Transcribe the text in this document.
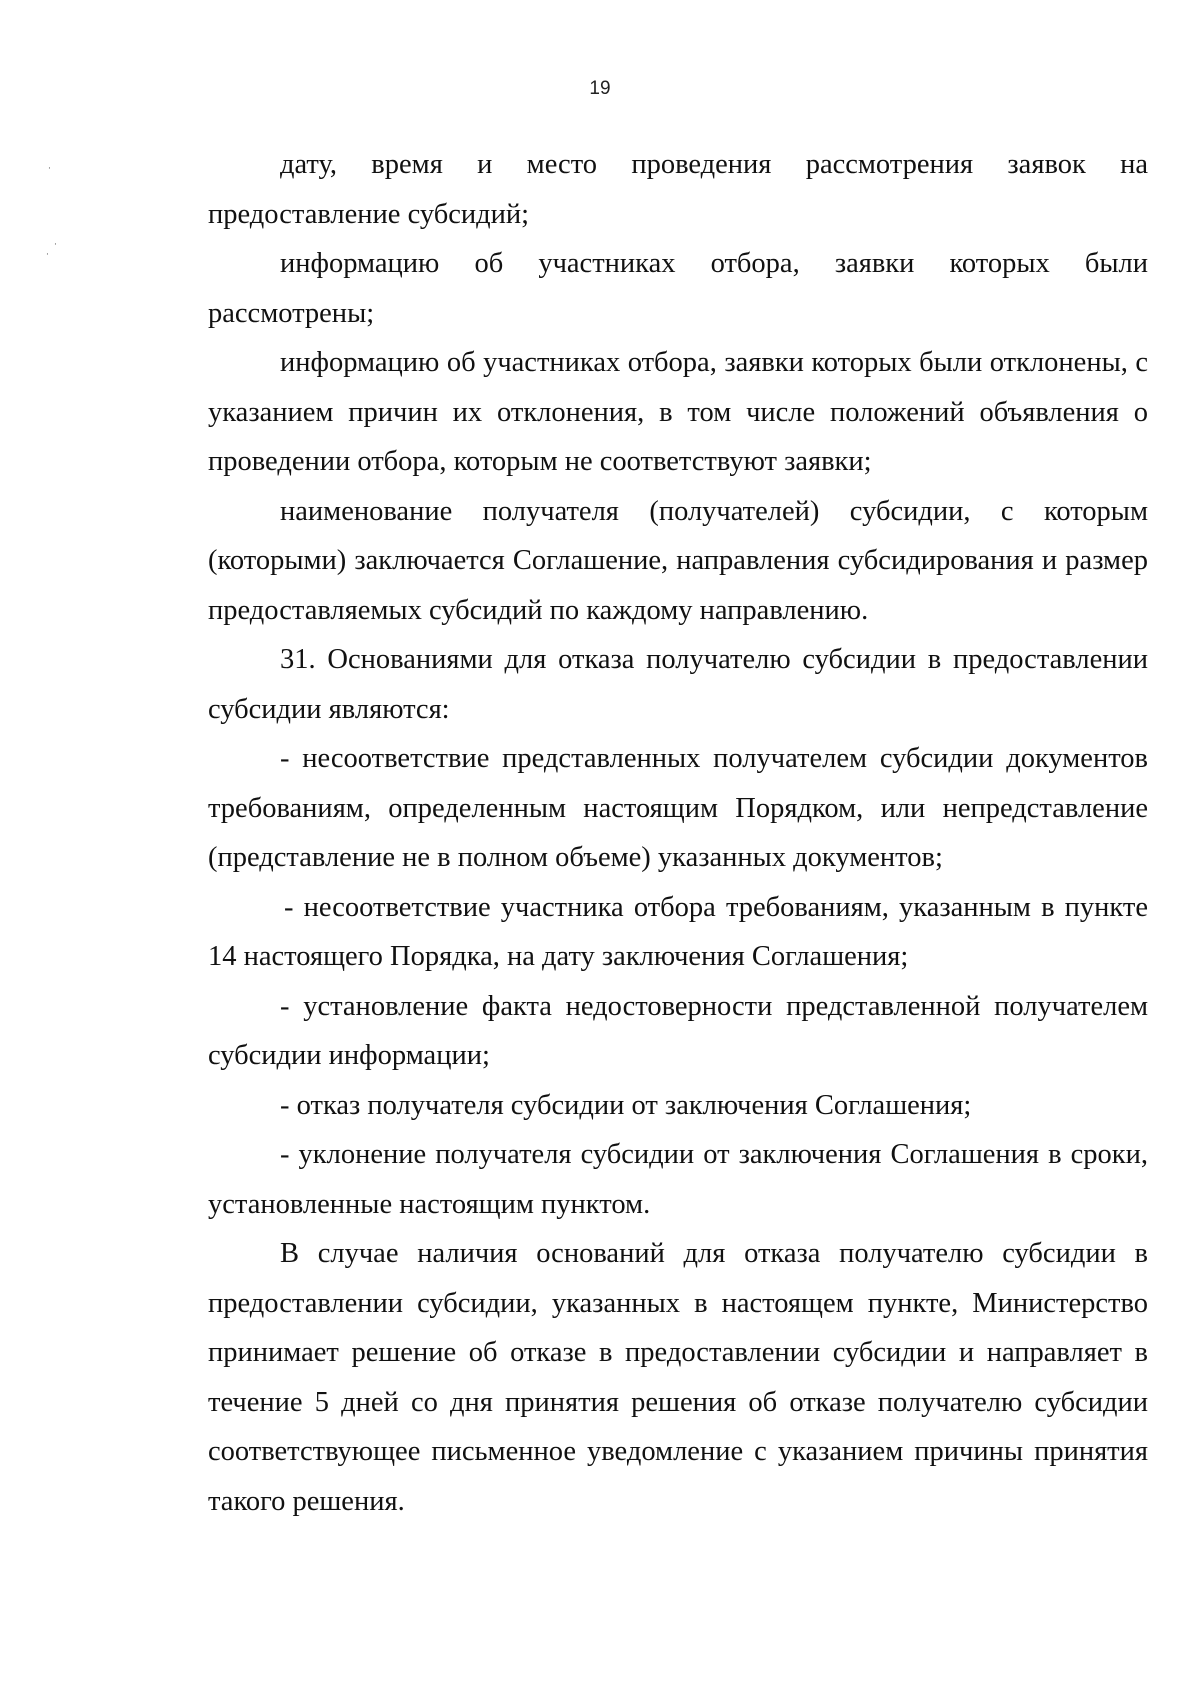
19
·
·
·

дату, время и место проведения рассмотрения заявок на предоставление субсидий;

информацию об участниках отбора, заявки которых были рассмотрены;

информацию об участниках отбора, заявки которых были отклонены, с указанием причин их отклонения, в том числе положений объявления о проведении отбора, которым не соответствуют заявки;

наименование получателя (получателей) субсидии, с которым (которыми) заключается Соглашение, направления субсидирования и размер предоставляемых субсидий по каждому направлению.

31. Основаниями для отказа получателю субсидии в предоставлении субсидии являются:

- несоответствие представленных получателем субсидии документов требованиям, определенным настоящим Порядком, или непредставление (представление не в полном объеме) указанных документов;

- несоответствие участника отбора требованиям, указанным в пункте 14 настоящего Порядка, на дату заключения Соглашения;

- установление факта недостоверности представленной получателем субсидии информации;

- отказ получателя субсидии от заключения Соглашения;

- уклонение получателя субсидии от заключения Соглашения в сроки, установленные настоящим пунктом.

В случае наличия оснований для отказа получателю субсидии в предоставлении субсидии, указанных в настоящем пункте, Министерство принимает решение об отказе в предоставлении субсидии и направляет в течение 5 дней со дня принятия решения об отказе получателю субсидии соответствующее письменное уведомление с указанием причины принятия такого решения.
